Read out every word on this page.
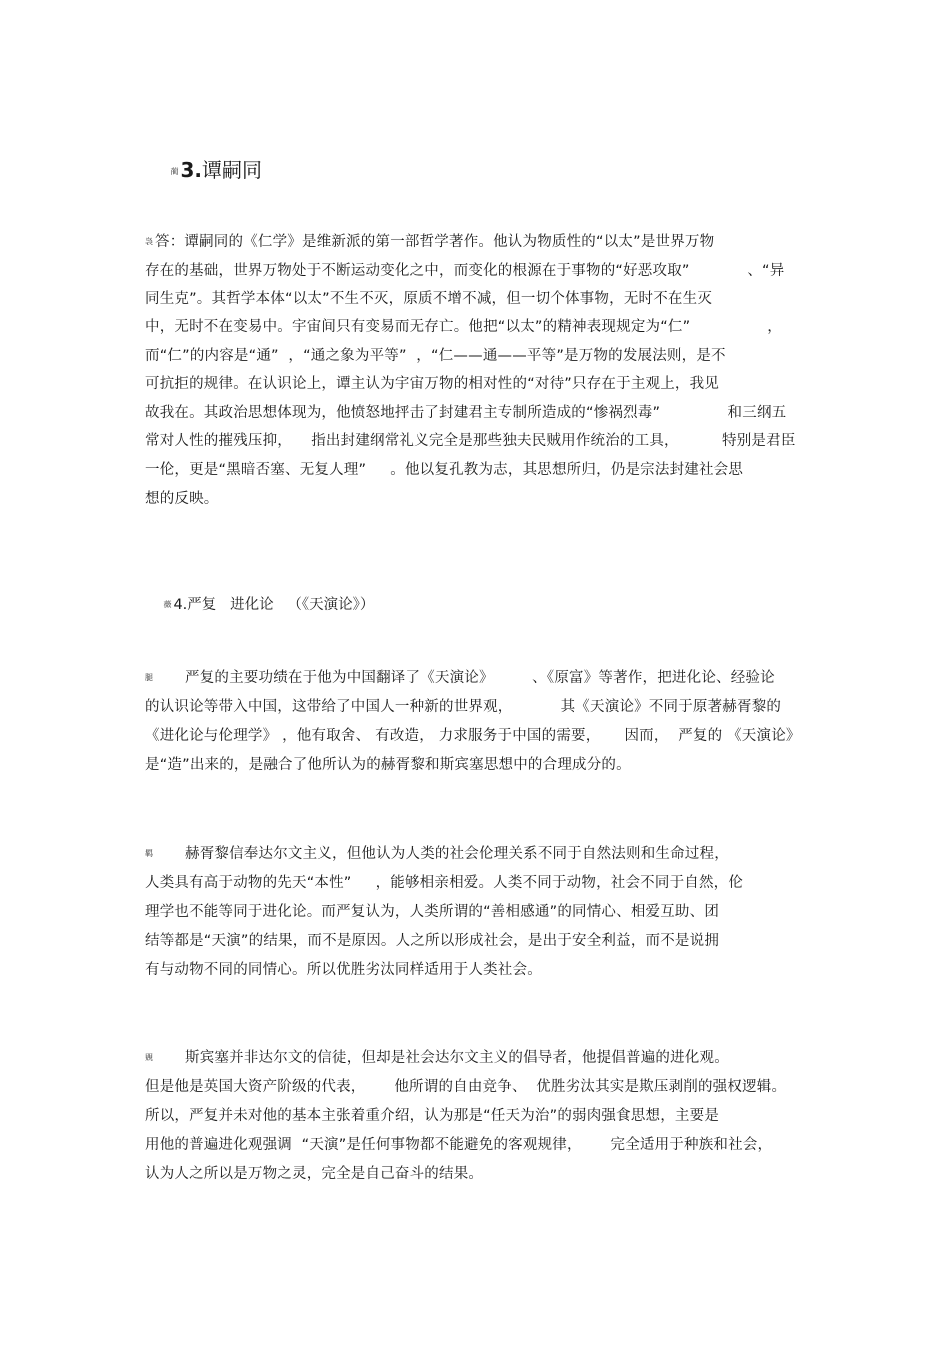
蔺 3.谭嗣同

袅 答：谭嗣同的《仁学》是维新派的第一部哲学著作。他认为物质性的“以太”是世界万物
存在的基础，世界万物处于不断运动变化之中，而变化的根源在于事物的“好恶攻取”            、“异
同生克”。其哲学本体“以太”不生不灭，原质不增不减，但一切个体事物，无时不在生灭
中，无时不在变易中。宇宙间只有变易而无存亡。他把“以太”的精神表现规定为“仁”                ，
而“仁”的内容是“通”  ，“通之象为平等”  ，“仁——通——平等”是万物的发展法则，是不
可抗拒的规律。在认识论上，谭主认为宇宙万物的相对性的“对待”只存在于主观上，我见
故我在。其政治思想体现为，他愤怒地抨击了封建君主专制所造成的“惨祸烈毒”              和三纲五
常对人性的摧残压抑，    指出封建纲常礼义完全是那些独夫民贼用作统治的工具，         特别是君臣
一伦，更是“黑暗否塞、无复人理”     。他以复孔教为志，其思想所归，仍是宗法封建社会思
想的反映。

薇 4.严复   进化论   （《天演论》）

腿 严复的主要功绩在于他为中国翻译了《天演论》        、《原富》等著作，把进化论、经验论
的认识论等带入中国，这带给了中国人一种新的世界观，          其《天演论》不同于原著赫胥黎的
《进化论与伦理学》 ，他有取舍、 有改造， 力求服务于中国的需要，     因而，  严复的 《天演论》
是“造”出来的，是融合了他所认为的赫胥黎和斯宾塞思想中的合理成分的。
羁 赫胥黎信奉达尔文主义，但他认为人类的社会伦理关系不同于自然法则和生命过程，
人类具有高于动物的先天“本性”     ，能够相亲相爱。人类不同于动物，社会不同于自然，伦
理学也不能等同于进化论。而严复认为，人类所谓的“善相感通”的同情心、相爱互助、团
结等都是“天演”的结果，而不是原因。人之所以形成社会，是出于安全利益，而不是说拥
有与动物不同的同情心。所以优胜劣汰同样适用于人类社会。
覞 斯宾塞并非达尔文的信徒，但却是社会达尔文主义的倡导者，他提倡普遍的进化观。
但是他是英国大资产阶级的代表，      他所谓的自由竞争、  优胜劣汰其实是欺压剥削的强权逻辑。
所以，严复并未对他的基本主张着重介绍，认为那是“任天为治”的弱肉强食思想，主要是
用他的普遍进化观强调  “天演”是任何事物都不能避免的客观规律，      完全适用于种族和社会，
认为人之所以是万物之灵，完全是自己奋斗的结果。
